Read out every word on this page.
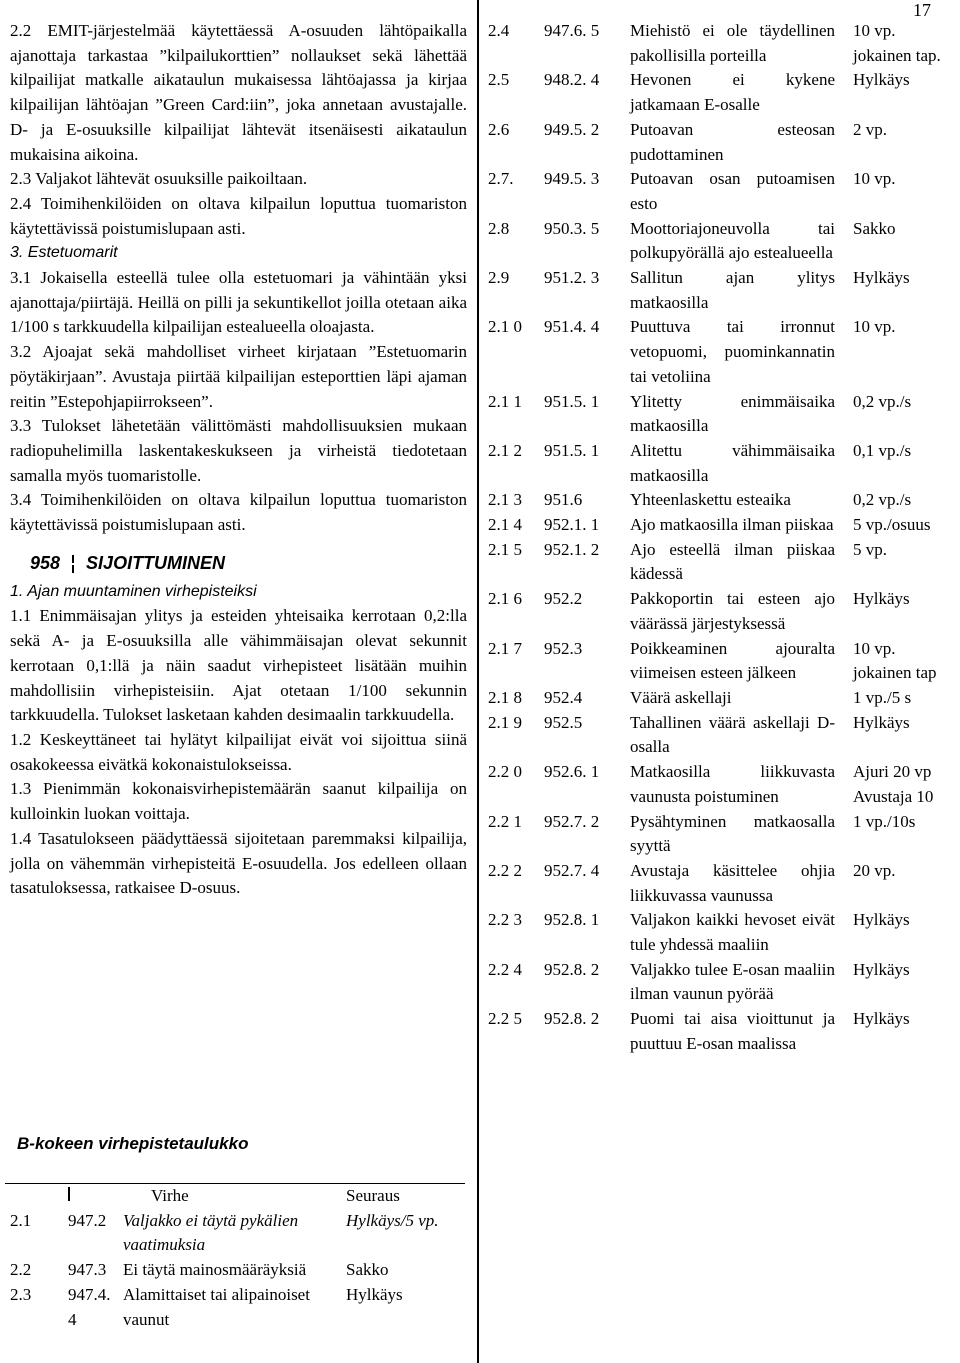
17

2.2 EMIT-järjestelmää käytettäessä A-osuuden lähtöpaikalla ajanottaja tarkastaa ”kilpailukorttien” nollaukset sekä lähettää kilpailijat matkalle aikataulun mukaisessa lähtöajassa ja kirjaa kilpailijan lähtöajan ”Green Card:iin”, joka annetaan avustajalle. D- ja E-osuuksille kilpailijat lähtevät itsenäisesti aikataulun mukaisina aikoina.

2.3 Valjakot lähtevät osuuksille paikoiltaan.

2.4 Toimihenkilöiden on oltava kilpailun loputtua tuomariston käytettävissä poistumislupaan asti.

3. Estetuomarit

3.1 Jokaisella esteellä tulee olla estetuomari ja vähintään yksi ajanottaja/piirtäjä. Heillä on pilli ja sekuntikellot joilla otetaan aika 1/100 s tarkkuudella kilpailijan estealueella oloajasta.

3.2 Ajoajat sekä mahdolliset virheet kirjataan ”Estetuomarin pöytäkirjaan”. Avustaja piirtää kilpailijan esteporttien läpi ajaman reitin ”Estepohjapiirrokseen”.

3.3 Tulokset lähetetään välittömästi mahdollisuuksien mukaan radiopuhelimilla laskentakeskukseen ja virheistä tiedotetaan samalla myös tuomaristolle.

3.4 Toimihenkilöiden on oltava kilpailun loputtua tuomariston käytettävissä poistumislupaan asti.

958 SIJOITTUMINEN

1. Ajan muuntaminen virhepisteiksi

1.1 Enimmäisajan ylitys ja esteiden yhteisaika kerrotaan 0,2:lla sekä A- ja E-osuuksilla alle vähimmäisajan olevat sekunnit kerrotaan 0,1:llä ja näin saadut virhepisteet lisätään muihin mahdollisiin virhepisteisiin. Ajat otetaan 1/100 sekunnin tarkkuudella. Tulokset lasketaan kahden desimaalin tarkkuudella.

1.2 Keskeyttäneet tai hylätyt kilpailijat eivät voi sijoittua siinä osakokeessa eivätkä kokonaistulokseissa.

1.3 Pienimmän kokonaisvirhepistemäärän saanut kilpailija on kulloinkin luokan voittaja.

1.4 Tasatulokseen päädyttäessä sijoitetaan paremmaksi kilpailija, jolla on vähemmän virhepisteitä E-osuudella. Jos edelleen ollaan tasatuloksessa, ratkaisee D-osuus.

B-kokeen virhepistetaulukko
		Virhe	Seuraus
2.1	947.2	Valjakko ei täytä pykälien vaatimuksia	Hylkäys/5 vp.
2.2	947.3	Ei täytä mainosmääräyksiä	Sakko
2.3	947.4. 4	Alamittaiset tai alipainoiset vaunut	Hylkäys
2.4	947.6. 5	Miehistö ei ole täydellinen pakollisilla porteilla	10 vp. jokainen tap.
2.5	948.2. 4	Hevonen ei kykene jatkamaan E-osalle	Hylkäys
2.6	949.5. 2	Putoavan esteosan pudottaminen	2 vp.
2.7.	949.5. 3	Putoavan osan putoamisen esto	10 vp.
2.8	950.3. 5	Moottoriajoneuvolla tai polkupyörällä ajo estealueella	Sakko
2.9	951.2. 3	Sallitun ajan ylitys matkaosilla	Hylkäys
2.1 0	951.4. 4	Puuttuva tai irronnut vetopuomi, puominkannatin tai vetoliina	10 vp.
2.1 1	951.5. 1	Ylitetty enimmäisaika matkaosilla	0,2 vp./s
2.1 2	951.5. 1	Alitettu vähimmäisaika matkaosilla	0,1 vp./s
2.1 3	951.6	Yhteenlaskettu esteaika	0,2 vp./s
2.1 4	952.1. 1	Ajo matkaosilla ilman piiskaa	5 vp./osuus
2.1 5	952.1. 2	Ajo esteellä ilman piiskaa kädessä	5 vp.
2.1 6	952.2	Pakkoportin tai esteen ajo väärässä järjestyksessä	Hylkäys
2.1 7	952.3	Poikkeaminen ajouralta viimeisen esteen jälkeen	10 vp. jokainen tap
2.1 8	952.4	Väärä askellaji	1 vp./5 s
2.1 9	952.5	Tahallinen väärä askellaji D-osalla	Hylkäys
2.2 0	952.6. 1	Matkaosilla liikkuvasta vaunusta poistuminen	Ajuri 20 vp Avustaja 10
2.2 1	952.7. 2	Pysähtyminen matkaosalla syyttä	1 vp./10s
2.2 2	952.7. 4	Avustaja käsittelee ohjia liikkuvassa vaunussa	20 vp.
2.2 3	952.8. 1	Valjakon kaikki hevoset eivät tule yhdessä maaliin	Hylkäys
2.2 4	952.8. 2	Valjakko tulee E-osan maaliin ilman vaunun pyörää	Hylkäys
2.2 5	952.8. 2	Puomi tai aisa vioittunut ja puuttuu E-osan maalissa	Hylkäys
